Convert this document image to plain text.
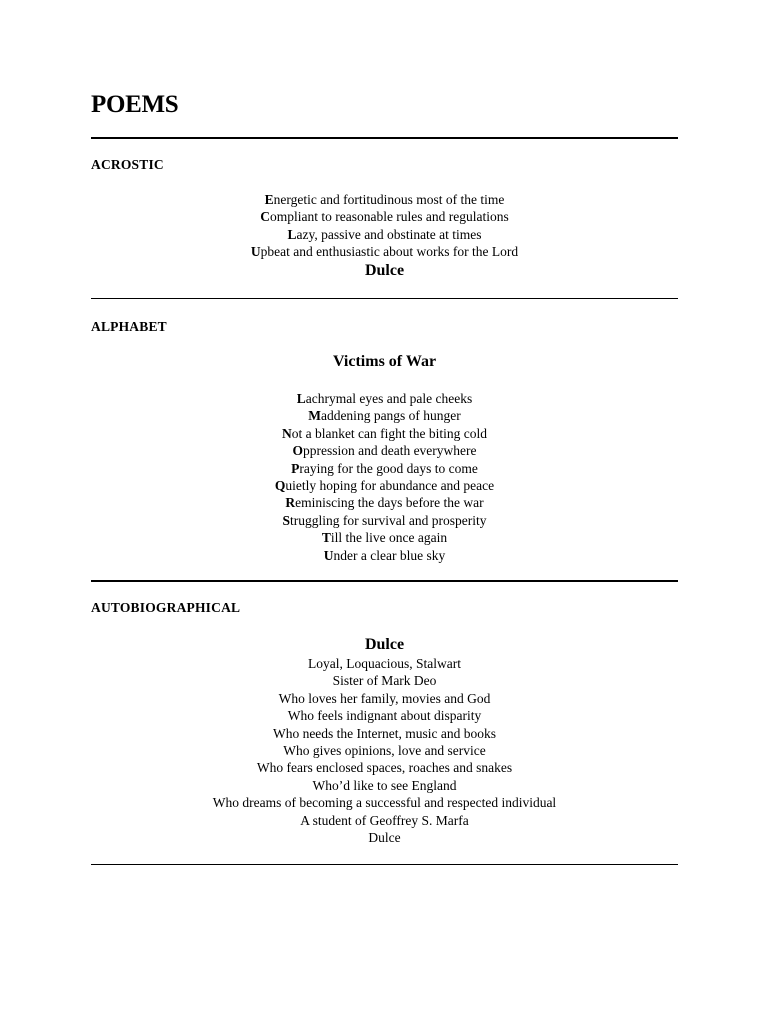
POEMS
ACROSTIC
Energetic and fortitudinous most of the time
Compliant to reasonable rules and regulations
Lazy, passive and obstinate at times
Upbeat and enthusiastic about works for the Lord
Dulce
ALPHABET
Victims of War
Lachrymal eyes and pale cheeks
Maddening pangs of hunger
Not a blanket can fight the biting cold
Oppression and death everywhere
Praying for the good days to come
Quietly hoping for abundance and peace
Reminiscing the days before the war
Struggling for survival and prosperity
Till the live once again
Under a clear blue sky
AUTOBIOGRAPHICAL
Dulce
Loyal, Loquacious, Stalwart
Sister of Mark Deo
Who loves her family, movies and God
Who feels indignant about disparity
Who needs the Internet, music and books
Who gives opinions, love and service
Who fears enclosed spaces, roaches and snakes
Who’d like to see England
Who dreams of becoming a successful and respected individual
A student of Geoffrey S. Marfa
Dulce
